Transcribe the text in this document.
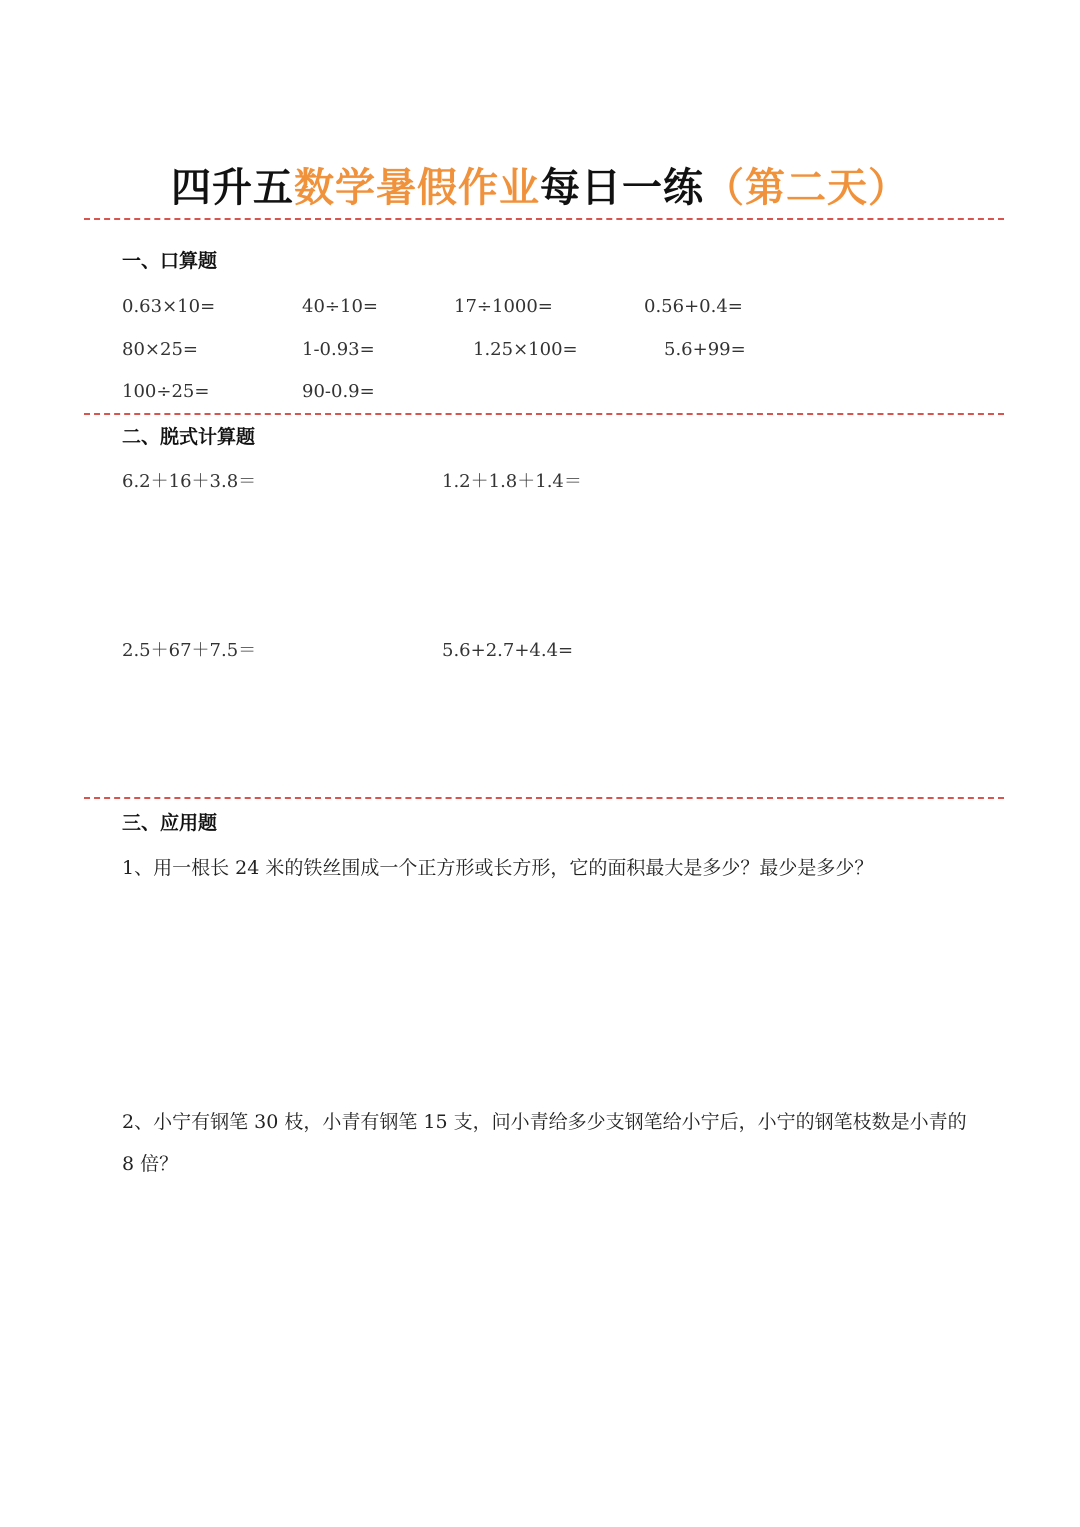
四升五数学暑假作业每日一练（第二天）
一、口算题
0.63×10=	40÷10=	17÷1000=	0.56+0.4=
80×25=	1-0.93=	1.25×100=	5.6+99=
100÷25=	90-0.9=
二、脱式计算题
6.2＋16＋3.8＝	1.2＋1.8＋1.4＝
2.5＋67＋7.5＝	5.6+2.7+4.4=
三、应用题
1、用一根长 24 米的铁丝围成一个正方形或长方形，它的面积最大是多少？最少是多少？
2、小宁有钢笔 30 枝，小青有钢笔 15 支，问小青给多少支钢笔给小宁后，小宁的钢笔枝数是小青的 8 倍？
